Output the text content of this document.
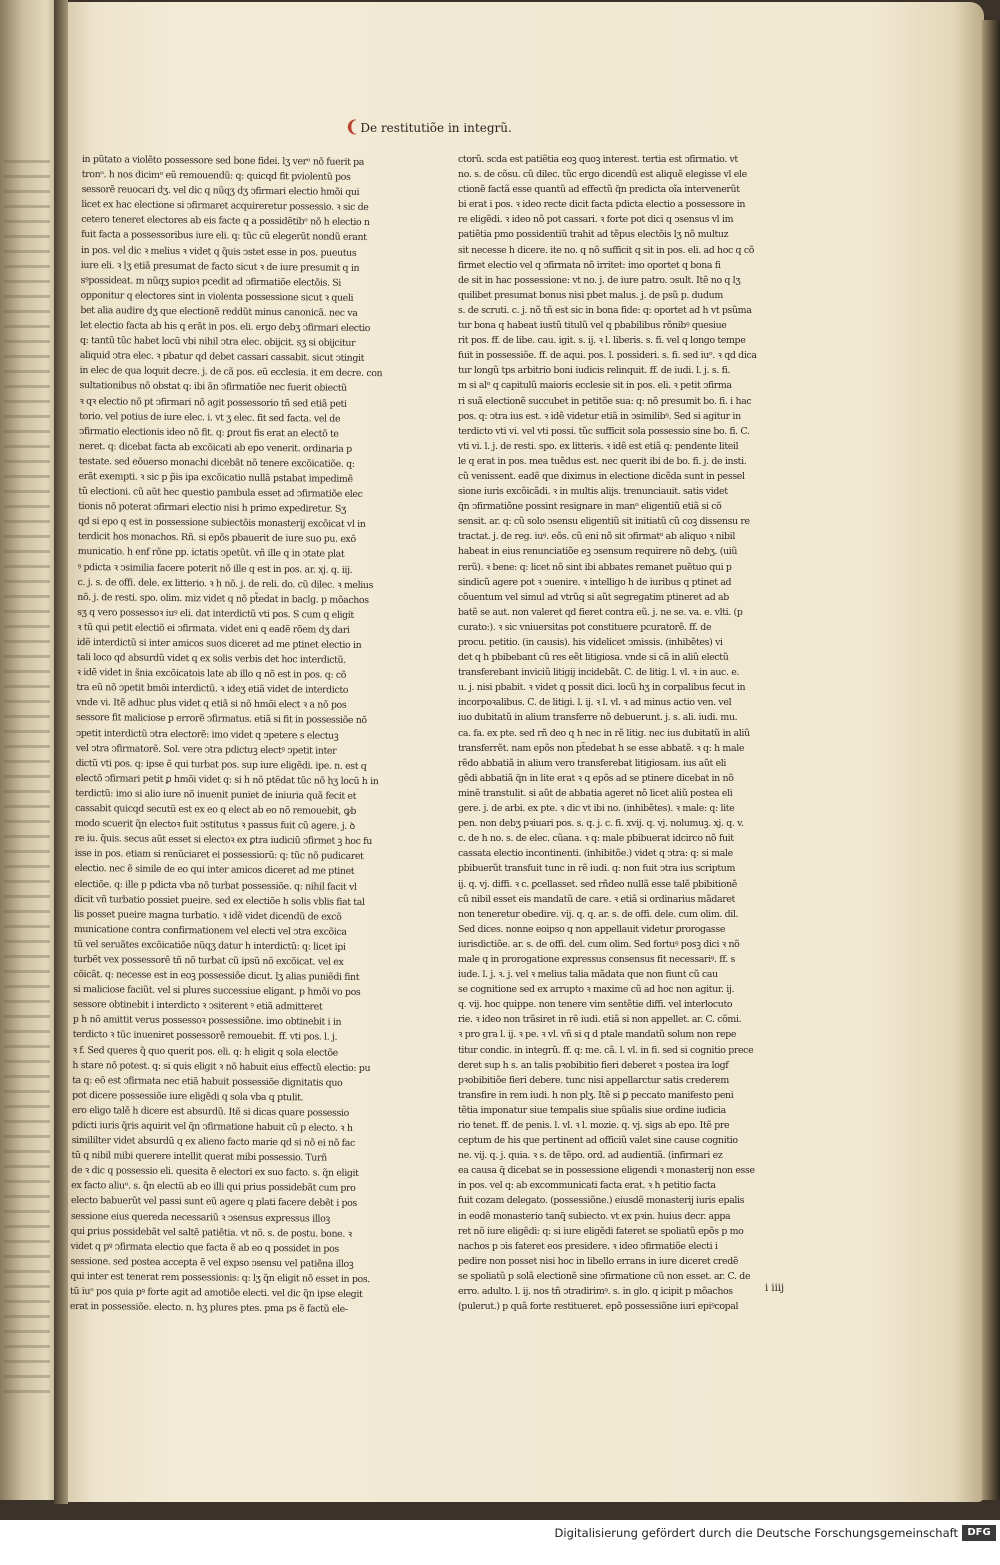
❨ De restitutiõe in integrũ.
in pũtato a violẽto possessore sed bone fidei. lʒ verᵒ nõ fuerit pa
tronᵒ. h nos dicimᵒ eũ remouendũ: q: quicqd fit pviolentũ pos
sessorẽ reuocari dʒ. vel dic q nũqʒ dʒ ↄfirmari electio hmõi qui
licet ex hac electione si ↄfirmaret acquireretur possessio. ꝛ sic de
cetero teneret electores ab eis facte q a possidẽtibᵒ nõ h electio n
fuit facta a possessoribus iure eli. q: tũc cũ elegerũt nondũ erant
in pos. vel dic ꝛ melius ꝛ videt q q̃uis ↄstet esse in pos. pueutus
iure eli. ꝛ lʒ etiã presumat de facto sicut ꝛ de iure presumit q in
sꝰpossideat. m nũqʒ supioꝛ pcedit ad ↄfirmatiõe electõis. Si
opponitur q electores sint in violenta possessione sicut ꝛ queli
bet alia audire dʒ que electionẽ reddũt minus canonicã. nec va
let electio facta ab his q erãt in pos. eli. ergo debʒ ↄfirmari electio
q: tantũ tũc habet locũ vbi nihil ↄtra elec. obijcit. sʒ si obijcitur
aliquid ↄtra elec. ꝛ pbatur qd debet cassari cassabit. sicut ↄtingit
in elec de qua loquit decre. j. de cã pos. eũ ecclesia. it em decre. con
sultationibus nõ obstat q: ibi ãn ↄfirmatiõe nec fuerit obiectũ
ꝛ qꝛ electio nõ pt ↄfirmari nõ agit possessorio tñ sed etiã peti
torio. vel potius de iure elec. i. vt ʒ elec. fit sed facta. vel de
ↄfirmatio electionis ideo nõ fit. q: ꝑrout fis erat an electõ te
neret. q: dicebat facta ab excõicati ab epo venerit. ordinaria p
testate. sed eõuerso monachi dicebãt nõ tenere excõicatiõe. q:
erãt exempti. ꝛ sic p p̃is ipa excõicatio nullã pstabat impedimẽ
tũ electioni. cũ aũt hec questio pambula esset ad ↄfirmatiõe elec
tionis nõ poterat ↄfirmari electio nisi h primo expediretur. Sʒ
qd si epo q est in possessione subiectõis monasterij excõicat vl in
terdicit hos monachos. Rñ. si epõs pbauerit de iure suo pu. exõ
municatio. h enf rõne pp. ictatis ↄpetũt. vñ ille q in ↄtate plat
ꝰ pdicta ꝛ ↄsimilia facere poterit nõ ille q est in pos. ar. xj. q. iij.
c. j. s. de offi. dele. ex litterio. ꝛ h nõ. j. de reli. do. cũ dilec. ꝛ melius
nõ. j. de resti. spo. olim. miz videt q nõ pt̃edat in baclg. p mõachos
sʒ q vero possessoꝛ iuꝰ eli. dat interdictũ vti pos. S cum q eligit
ꝛ tũ qui petit electiõ ei ↄfirmata. videt eni q eadẽ rõem dʒ dari
idẽ interdictũ si inter amicos suos diceret ad me ptinet electio in
tali loco qd absurdũ videt q ex solis verbis det hoc interdictũ.
ꝛ idẽ videt in s̃nia excõicatois late ab illo q nõ est in pos. q: cõ
tra eũ nõ ↄpetit bmõi interdictũ. ꝛ ideʒ etiã videt de interdicto
vnde vi. Itẽ adhuc plus videt q etiã si nõ hmõi elect ꝛ a nõ pos
sessore fit maliciose p errorẽ ↄfirmatus. etiã si fit in possessiõe nõ
ↄpetit interdictũ ↄtra electorẽ: imo videt q ↄpetere s electuꝫ
vel ↄtra ↄfirmatorẽ. Sol. vere ↄtra pdictuꝫ electꝰ ↄpetit inter
dictũ vti pos. q: ipse ẽ qui turbat pos. sup iure eligẽdi. ipe. n. est q
electõ ↄfirmari petit ꝑ hmõi videt q: si h nõ ptẽdat tũc nõ hʒ locũ h in
terdictũ: imo si alio iure nõ inuenit puniet de iniuria quã fecit et
cassabit quicqd secutũ est ex eo q elect ab eo nõ remouebit, ꝙb
modo scuerit q̃n electoꝛ fuit ↄstitutus ꝛ passus fuit cũ agere. j. ꝺ
re iu. q̃uis. secus aũt esset si electoꝛ ex ꝑtra iudiciũ ↄfirmet ꝫ hoc fu
isse in pos. etiam si renũciaret ei possessiorũ: q: tũc nõ pudicaret
electio. nec ẽ simile de eo qui inter amicos diceret ad me ptinet
electiõe. q: ille p pdicta vba nõ turbat possessiõe. q: nihil facit vl
dicit vñ turbatio possiet pueire. sed ex electiõe h solis vblis fiat tal
lis posset pueire magna turbatio. ꝛ idẽ videt dicendũ de excõ
municatione contra confirmationem vel electi vel ↄtra excõica
tũ vel seruãtes excõicatiõe nũqʒ datur h interdictũ: q: licet ipi
turbẽt vex possessorẽ tñ nõ turbat cũ ipsũ nõ excõicat. vel ex
cõicãt. q: necesse est in eoꝫ possessiõe dicut. lʒ alias puniẽdi fint
si maliciose faciũt. vel si plures successiue eligant. p hmõi vo pos
sessore obtinebit i interdicto ꝛ ↄsiterent ꝰ etiã admitteret
p h nõ amittit verus possessoꝛ possessiõne. imo obtinebit i in
terdicto ꝛ tũc inueniret possessorẽ remouebit. ff. vti pos. l. j.
ꝛ f. Sed queres q̃ quo querit pos. eli. q: h eligit q sola electõe
h stare nõ potest. q: si quis eligit ꝛ nõ habuit eius effectũ electio: pu
ta q: eõ est ↄfirmata nec etiã habuit possessiõe dignitatis quo
pot dicere possessiõe iure eligẽdi q sola vba q ptulit.
ero eligo talẽ h dicere est absurdũ. Itẽ si dicas quare possessio
pdicti iuris q̃ris aquirit vel q̃n ↄfirmatione habuit cũ p electo. ꝛ h
simililter videt absurdũ q ex alieno facto marie qd si nõ ei nõ fac
tũ q nibil mibi querere intellit querat mibi possessio. Turñ
de ꝛ dic q possessio eli. quesita ẽ electori ex suo facto. s. q̃n eligit
ex facto aliuᵒ. s. q̃n electũ ab eo illi qui prius possidebãt cum pro
electo babuerũt vel passi sunt eũ agere q plati facere debẽt i pos
sessione eius quereda necessariũ ꝛ ↄsensus expressus illoꝫ
qui ꝑrius possidebãt vel saltẽ patiẽtia. vt nõ. s. de postu. bone. ꝛ
videt q pꝰ ↄfirmata electio que facta ẽ ab eo q possidet in pos
sessione. sed postea accepta ẽ vel expso ↄsensu vel patiẽna illoꝫ
qui inter est tenerat rem possessionis: q: lʒ q̃n eligit nõ esset in pos.
tũ iuᵒ pos quia pꝰ forte agit ad amotiõe electi. vel dic q̃n ipse elegit
erat in possessiõe. electo. n. hʒ plures ptes. pma ps ẽ factũ ele-
ctorũ. scda est patiẽtia eoꝫ quoꝫ interest. tertia est ↄfirmatio. vt
no. s. de cõsu. cũ dilec. tũc ergo dicendũ est aliquẽ elegisse vl ele
ctionẽ factã esse quantũ ad effectũ q̃n predicta oĩa intervenerũt
bi erat i pos. ꝛ ideo recte dicit facta pdicta electio a possessore in
re eligẽdi. ꝛ ideo nõ pot cassari. ꝛ forte pot dici q ↄsensus vl im
patiẽtia pmo possidentiũ trahit ad tẽpus electõis lʒ nõ multuz
sit necesse h dicere. ite no. q nõ sufficit q sit in pos. eli. ad hoc q cõ
firmet electio vel q ↄfirmata nõ irritet: imo oportet q bona fi
de sit in hac possessione: vt no. j. de iure patro. ↄsult. Itẽ no q lʒ
quilibet presumat bonus nisi pbet malus. j. de psũ p. dudum
s. de scruti. c. j. nõ tñ est sic in bona fide: q: oportet ad h vt psũma
tur bona q habeat iustũ titulũ vel q pbabilibus rõnibꝰ quesiue
rit pos. ff. de libe. cau. igit. s. ij. ꝛ l. liberis. s. fi. vel q longo tempe
fuit in possessiõe. ff. de aqui. pos. l. possideri. s. fi. sed iuᵒ. ꝛ qd dica
tur longũ tps arbitrio boni iudicis relinquit. ff. de iudi. l. j. s. fi.
m si alᵒ q capitulũ maioris ecclesie sit in pos. eli. ꝛ petit ↄfirma
ri suã electionẽ succubet in petitõe sua: q: nõ presumit bo. fi. i hac
pos. q: ↄtra ius est. ꝛ idẽ videtur etiã in ↄsimilibꝰ. Sed si agitur in
terdicto vti vi. vel vti possi. tũc sufficit sola possessio sine bo. fi. C.
vti vi. l. j. de resti. spo. ex litteris. ꝛ idẽ est etiã q: pendente liteil
le q erat in pos. mea tuẽdus est. nec querit ibi de bo. fi. j. de insti.
cũ venissent. eadẽ que diximus in electione dicẽda sunt in pessel
sione iuris excõicãdi. ꝛ in multis alijs. trenunciauit. satis videt
q̃n ↄfirmatiõne possint resignare in manᵒ eligentiũ etiã si cõ
sensit. ar. q: cũ solo ↄsensu eligentiũ sit initiatũ cũ coꝫ dissensu re
tractat. j. de reg. iuꝰ. eõs. cũ eni nõ sit ↄfirmatᵒ ab aliquo ꝛ nibil
habeat in eius renunciatiõe eꝫ ↄsensum requirere nõ debʒ. (uiũ
rerũ). ꝛ bene: q: licet nõ sint ibi abbates remanet puẽtuo qui p
sindicũ agere pot ꝛ ↄuenire. ꝛ intelligo h de iuribus q ptinet ad
cõuentum vel simul ad vtrũq si aũt segregatim ptineret ad ab
batẽ se aut. non valeret qd fieret contra eũ. j. ne se. va. e. vlti. (p
curato:). ꝛ sic vniuersitas pot constituere pcuratorẽ. ff. de
procu. petitio. (in causis). his videlicet ↄmissis. (inhibẽtes) vi
det q h pbibebant cũ res eẽt litigiosa. vnde si cã in aliũ electũ
transferebant inviciũ litigij incidebãt. C. de litig. l. vl. ꝛ in auc. e.
u. j. nisi pbabit. ꝛ videt q possit dici. locũ hʒ in corpalibus fecut in
incorpoꝛalibus. C. de litigi. l. ij. ꝛ l. vl. ꝛ ad minus actio ven. vel
iuo dubitatũ in alium transferre nõ debuerunt. j. s. ali. iudi. mu.
ca. fa. ex pte. sed rñ deo q h nec in rẽ litig. nec ius dubitatũ in aliũ
transferrẽt. nam epõs non pt̃edebat h se esse abbatẽ. ꝛ q: h male
rẽdo abbatiã in alium vero transferebat litigiosam. ius aũt eli
gẽdi abbatiã q̃n in lite erat ꝛ q epõs ad se ptinere dicebat in nõ
minẽ transtulit. si aũt de abbatia ageret nõ licet aliũ postea eli
gere. j. de arbi. ex pte. ꝛ dic vt ibi no. (inhibẽtes). ꝛ male: q: lite
pen. non debʒ pꝛiuari pos. s. q. j. c. fi. xvij. q. vj. nolumuꝫ. xj. q. v.
c. de h no. s. de elec. cũana. ꝛ q: male pbibuerat idcirco nõ fuit
cassata electio incontinenti. (inhibitõe.) videt q ↄtra: q: si male
pbibuerũt transfuit tunc in rẽ iudi. q: non fuit ↄtra ius scriptum
ij. q. vj. diffi. ꝛ c. ꝑcellasset. sed rñdeo nullã esse talẽ pbibitionẽ
cũ nibil esset eis mandatũ de care. ꝛ etiã si ordinarius mãdaret
non teneretur obedire. vij. q. q. ar. s. de offi. dele. cum olim. dil.
Sed dices. nonne eoipso q non appellauit videtur ꝑrorogasse
iurisdictiõe. ar. s. de offi. del. cum olim. Sed fortuꝰ posꝫ dici ꝛ nõ
male q in prorogatione expressus consensus fit necessariꝰ. ff. s
iude. l. j. ꝛ. j. vel ꝛ melius talia mãdata que non fiunt cũ cau
se cognitione sed ex arrupto ꝛ maxime cũ ad hoc non agitur. ij.
q. vij. hoc quippe. non tenere vim sentẽtie diffi. vel interlocuto
rie. ꝛ ideo non trãsiret in rẽ iudi. etiã si non appellet. ar. C. cõmi.
ꝛ pro gra l. ij. ꝛ pe. ꝛ vl. vñ si q d ptale mandatũ solum non repe
titur condic. in integrũ. ff. q: me. cã. l. vl. in fi. sed si cognitio prece
deret sup h s. an talis pꝛobibitio fieri deberet ꝛ postea ira logf
pꝛobibitiõe fieri debere. tunc nisi appellarctur satis crederem
transfire in rem iudi. h non plʒ. Itẽ si ꝑ peccato manifesto peni
tẽtia imponatur siue tempalis siue spũalis siue ordine iudicia
rio tenet. ff. de penis. l. vl. ꝛ l. mozie. q. vj. sigs ab epo. Itẽ pre
ceptum de his que pertinent ad officiũ valet sine cause cognitio
ne. vij. q. j. quia. ꝛ s. de tẽpo. ord. ad audientiã. (infirmari ez
ea causa q̃ dicebat se in possessione eligendi ꝛ monasterij non esse
in pos. vel q: ab excommunicati facta erat. ꝛ h petitio facta
fuit cozam delegato. (possessiõne.) eiusdẽ monasterij iuris epalis
in eodẽ monasterio tanq̃ subiecto. vt ex pꝛin. huius decr. appa
ret nõ iure eligẽdi: q: si iure eligẽdi fateret se spoliatũ epõs p mo
nachos p ↄis fateret eos presidere. ꝛ ideo ↄfirmatiõe electi i
pedire non posset nisi hoc in libello errans in iure diceret credẽ
se spoliatũ p solã electionẽ sine ↄfirmatione cũ non esset. ar. C. de
erro. adulto. l. ij. nos tñ ↄtradirimꝰ. s. in glo. q icipit p mõachos
(pulerut.) p quã forte restitueret. epõ possessiõne iuri epiꝰcopal
i iiij
Digitalisierung gefördert durch die Deutsche Forschungsgemeinschaft DFG
